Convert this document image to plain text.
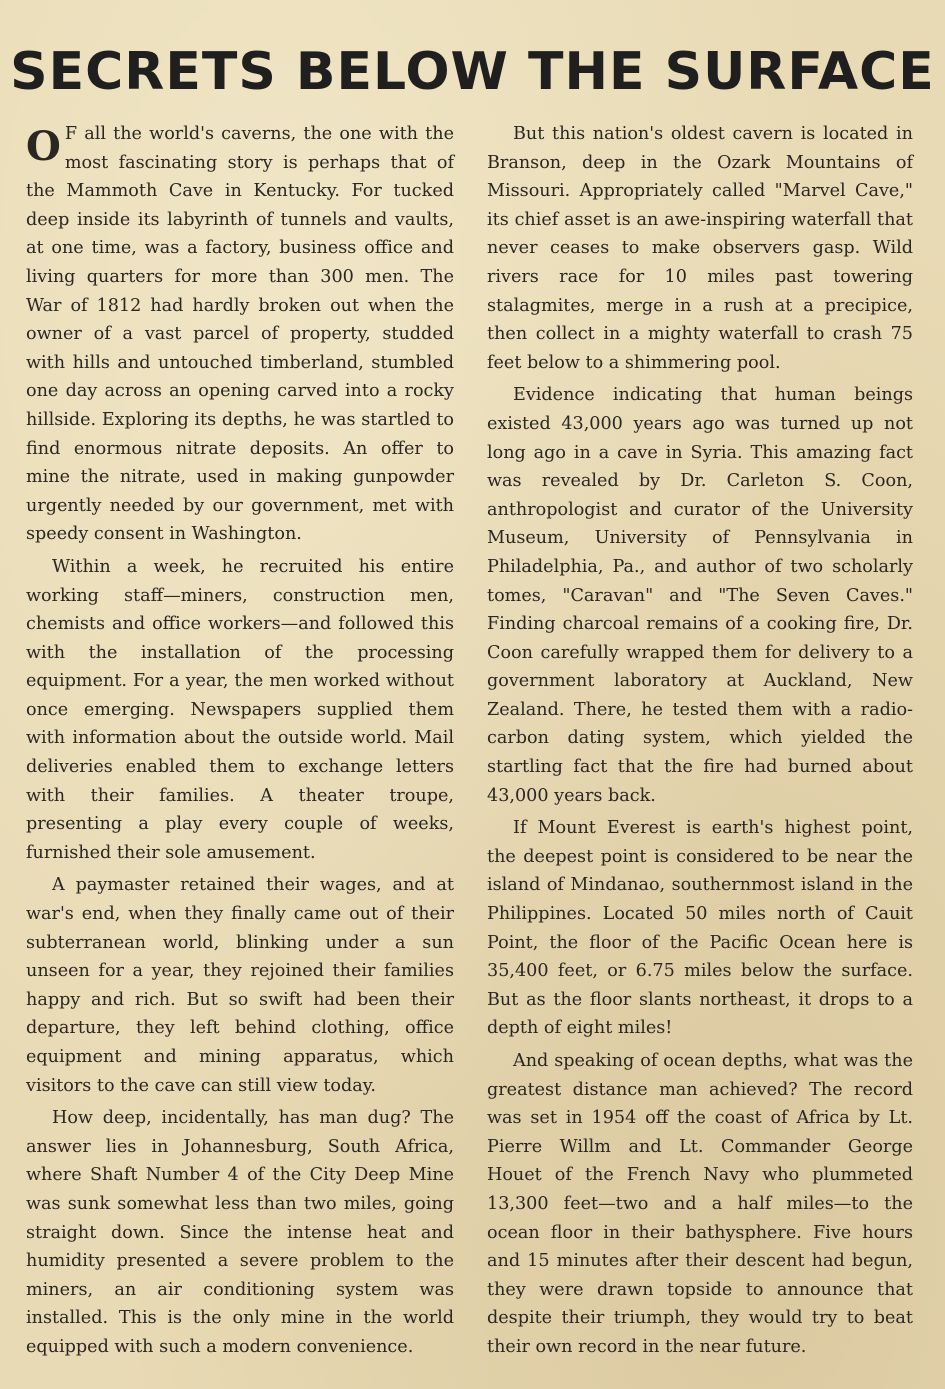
SECRETS BELOW THE SURFACE

O F all the world's caverns, the one with the most fascinating story is perhaps that of the Mammoth Cave in Kentucky. For tucked deep inside its labyrinth of tunnels and vaults, at one time, was a factory, business office and living quarters for more than 300 men. The War of 1812 had hardly broken out when the owner of a vast parcel of property, studded with hills and untouched timberland, stumbled one day across an opening carved into a rocky hillside. Exploring its depths, he was startled to find enormous nitrate deposits. An offer to mine the nitrate, used in making gunpowder urgently needed by our government, met with speedy consent in Washington.

Within a week, he recruited his entire working staff—miners, construction men, chemists and office workers—and followed this with the installation of the processing equipment. For a year, the men worked without once emerging. Newspapers supplied them with information about the outside world. Mail deliveries enabled them to exchange letters with their families. A theater troupe, presenting a play every couple of weeks, furnished their sole amusement.

A paymaster retained their wages, and at war's end, when they finally came out of their subterranean world, blinking under a sun unseen for a year, they rejoined their families happy and rich. But so swift had been their departure, they left behind clothing, office equipment and mining apparatus, which visitors to the cave can still view today.

How deep, incidentally, has man dug? The answer lies in Johannesburg, South Africa, where Shaft Number 4 of the City Deep Mine was sunk somewhat less than two miles, going straight down. Since the intense heat and humidity presented a severe problem to the miners, an air conditioning system was installed. This is the only mine in the world equipped with such a modern convenience.

But this nation's oldest cavern is located in Branson, deep in the Ozark Mountains of Missouri. Appropriately called "Marvel Cave," its chief asset is an awe-inspiring waterfall that never ceases to make observers gasp. Wild rivers race for 10 miles past towering stalagmites, merge in a rush at a precipice, then collect in a mighty waterfall to crash 75 feet below to a shimmering pool.

Evidence indicating that human beings existed 43,000 years ago was turned up not long ago in a cave in Syria. This amazing fact was revealed by Dr. Carleton S. Coon, anthropologist and curator of the University Museum, University of Pennsylvania in Philadelphia, Pa., and author of two scholarly tomes, "Caravan" and "The Seven Caves." Finding charcoal remains of a cooking fire, Dr. Coon carefully wrapped them for delivery to a government laboratory at Auckland, New Zealand. There, he tested them with a radio-carbon dating system, which yielded the startling fact that the fire had burned about 43,000 years back.

If Mount Everest is earth's highest point, the deepest point is considered to be near the island of Mindanao, southernmost island in the Philippines. Located 50 miles north of Cauit Point, the floor of the Pacific Ocean here is 35,400 feet, or 6.75 miles below the surface. But as the floor slants northeast, it drops to a depth of eight miles!

And speaking of ocean depths, what was the greatest distance man achieved? The record was set in 1954 off the coast of Africa by Lt. Pierre Willm and Lt. Commander George Houet of the French Navy who plummeted 13,300 feet—two and a half miles—to the ocean floor in their bathysphere. Five hours and 15 minutes after their descent had begun, they were drawn topside to announce that despite their triumph, they would try to beat their own record in the near future.
